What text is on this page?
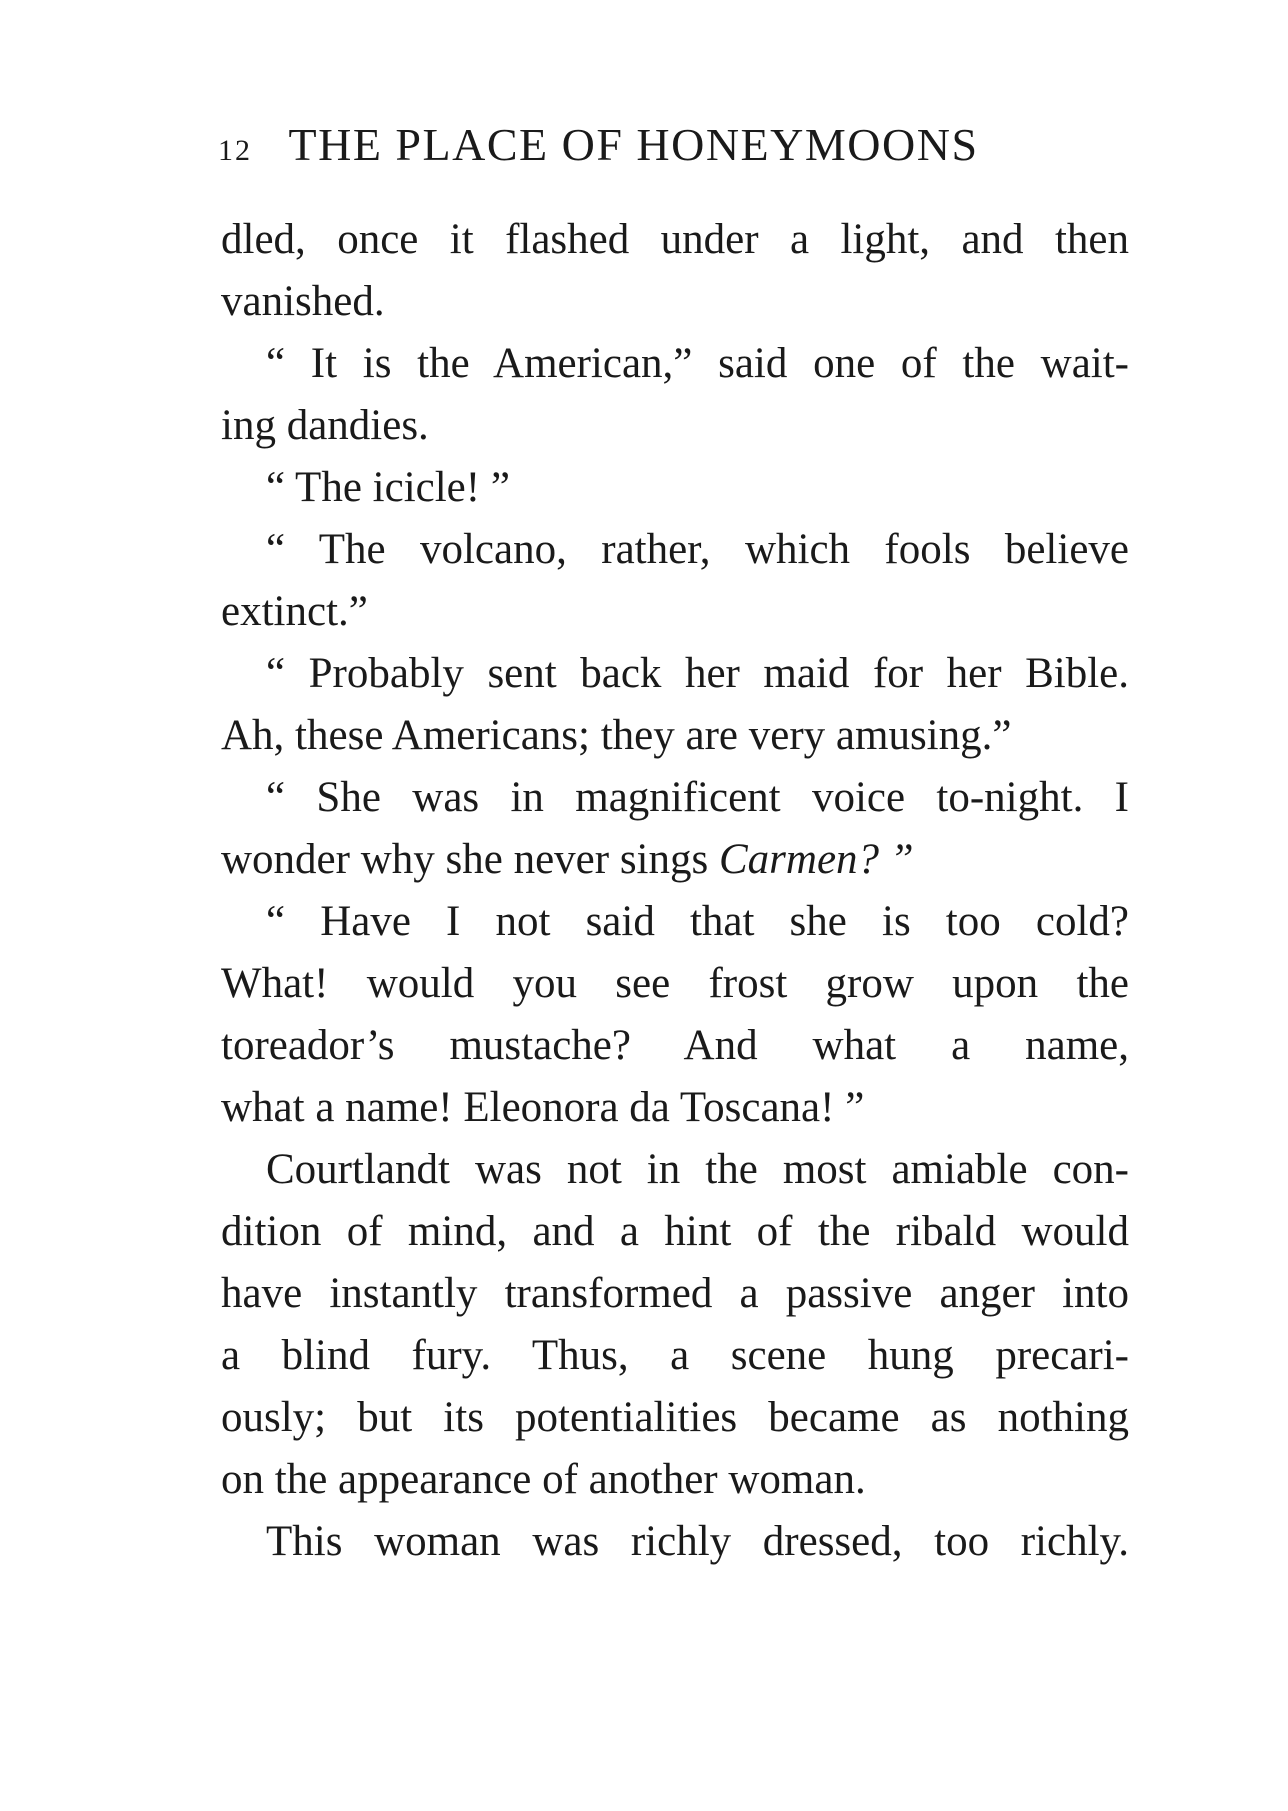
12 THE PLACE OF HONEYMOONS
dled, once it flashed under a light, and then
vanished.
“ It is the American,” said one of the wait-
ing dandies.
“ The icicle! ”
“ The volcano, rather, which fools believe
extinct.”
“ Probably sent back her maid for her Bible.
Ah, these Americans; they are very amusing.”
“ She was in magnificent voice to-night. I
wonder why she never sings Carmen? ”
“ Have I not said that she is too cold?
What! would you see frost grow upon the
toreador’s mustache? And what a name,
what a name! Eleonora da Toscana! ”
Courtlandt was not in the most amiable con-
dition of mind, and a hint of the ribald would
have instantly transformed a passive anger into
a blind fury. Thus, a scene hung precari-
ously; but its potentialities became as nothing
on the appearance of another woman.
This woman was richly dressed, too richly.
